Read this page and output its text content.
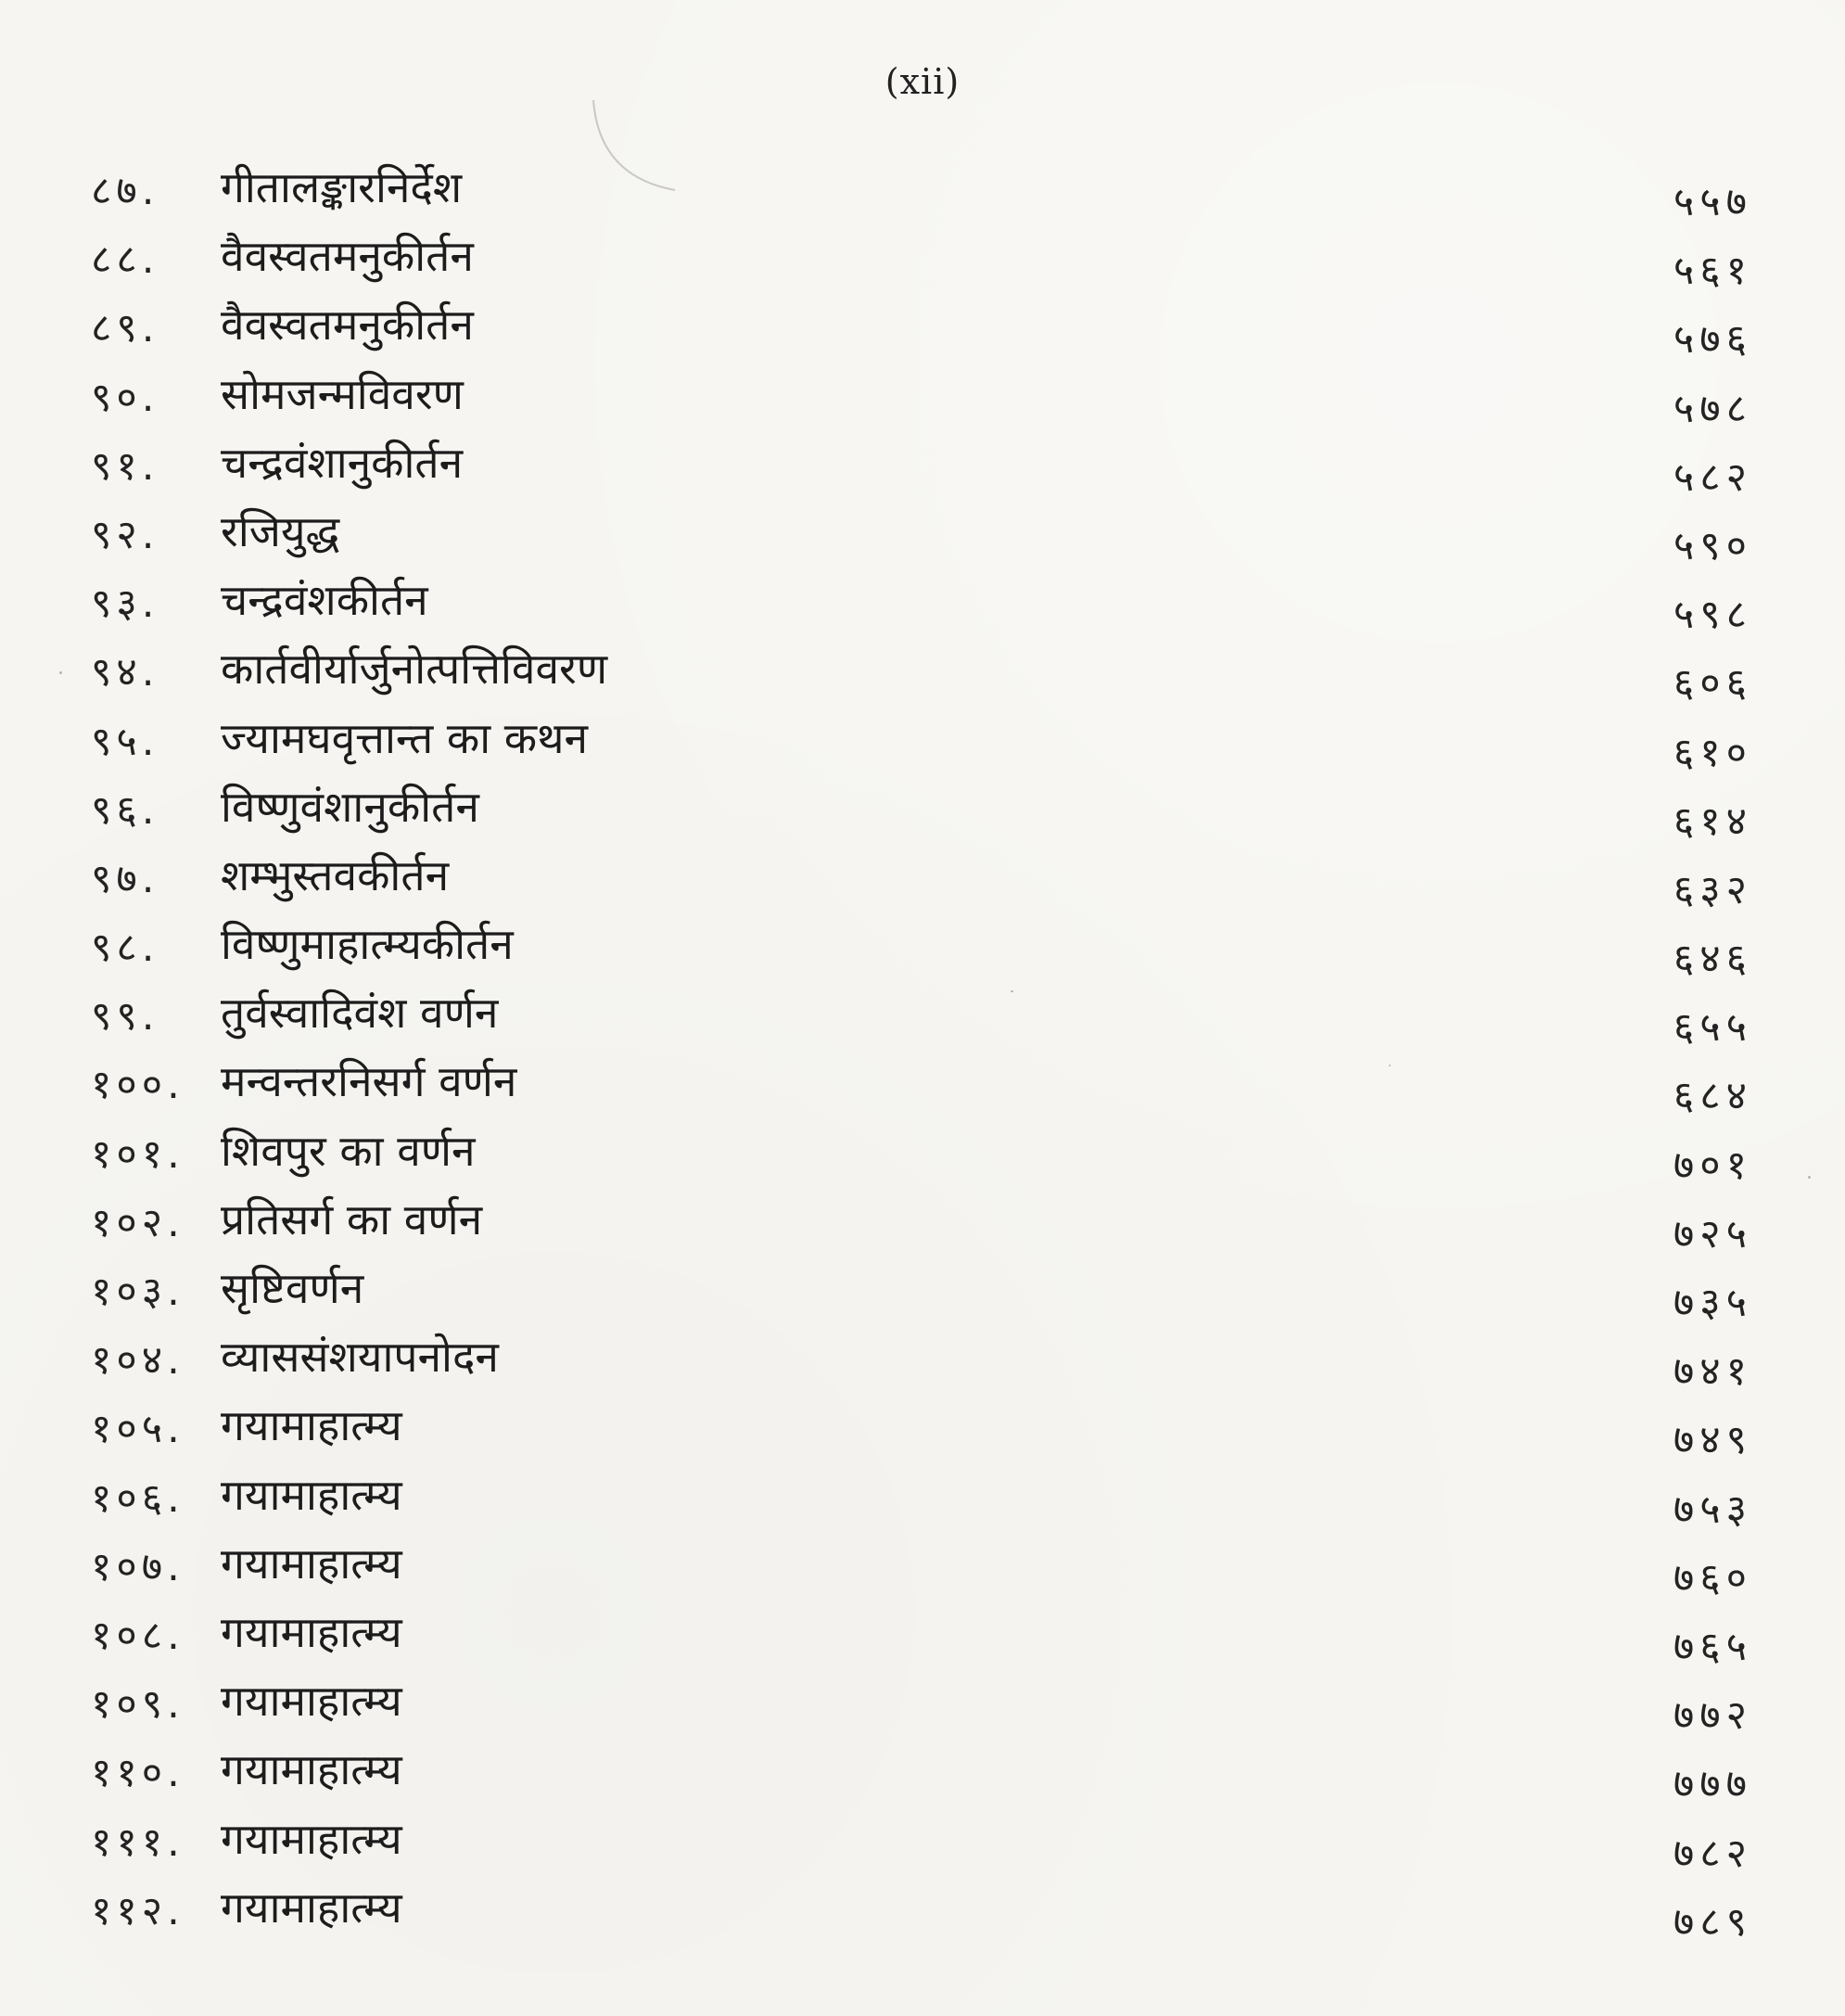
(xii)
८७. गीतालङ्कारनिर्देश	५५७
८८. वैवस्वतमनुकीर्तन	५६१
८९. वैवस्वतमनुकीर्तन	५७६
९०. सोमजन्मविवरण	५७८
९१. चन्द्रवंशानुकीर्तन	५८२
९२. रजियुद्ध	५९०
९३. चन्द्रवंशकीर्तन	५९८
९४. कार्तवीर्यार्जुनोत्पत्तिविवरण	६०६
९५. ज्यामघवृत्तान्त का कथन	६१०
९६. विष्णुवंशानुकीर्तन	६१४
९७. शम्भुस्तवकीर्तन	६३२
९८. विष्णुमाहात्म्यकीर्तन	६४६
९९. तुर्वस्वादिवंश वर्णन	६५५
१००. मन्वन्तरनिसर्ग वर्णन	६८४
१०१. शिवपुर का वर्णन	७०१
१०२. प्रतिसर्ग का वर्णन	७२५
१०३. सृष्टिवर्णन	७३५
१०४. व्याससंशयापनोदन	७४१
१०५. गयामाहात्म्य	७४९
१०६. गयामाहात्म्य	७५३
१०७. गयामाहात्म्य	७६०
१०८. गयामाहात्म्य	७६५
१०९. गयामाहात्म्य	७७२
११०. गयामाहात्म्य	७७७
१११. गयामाहात्म्य	७८२
११२. गयामाहात्म्य	७८९
